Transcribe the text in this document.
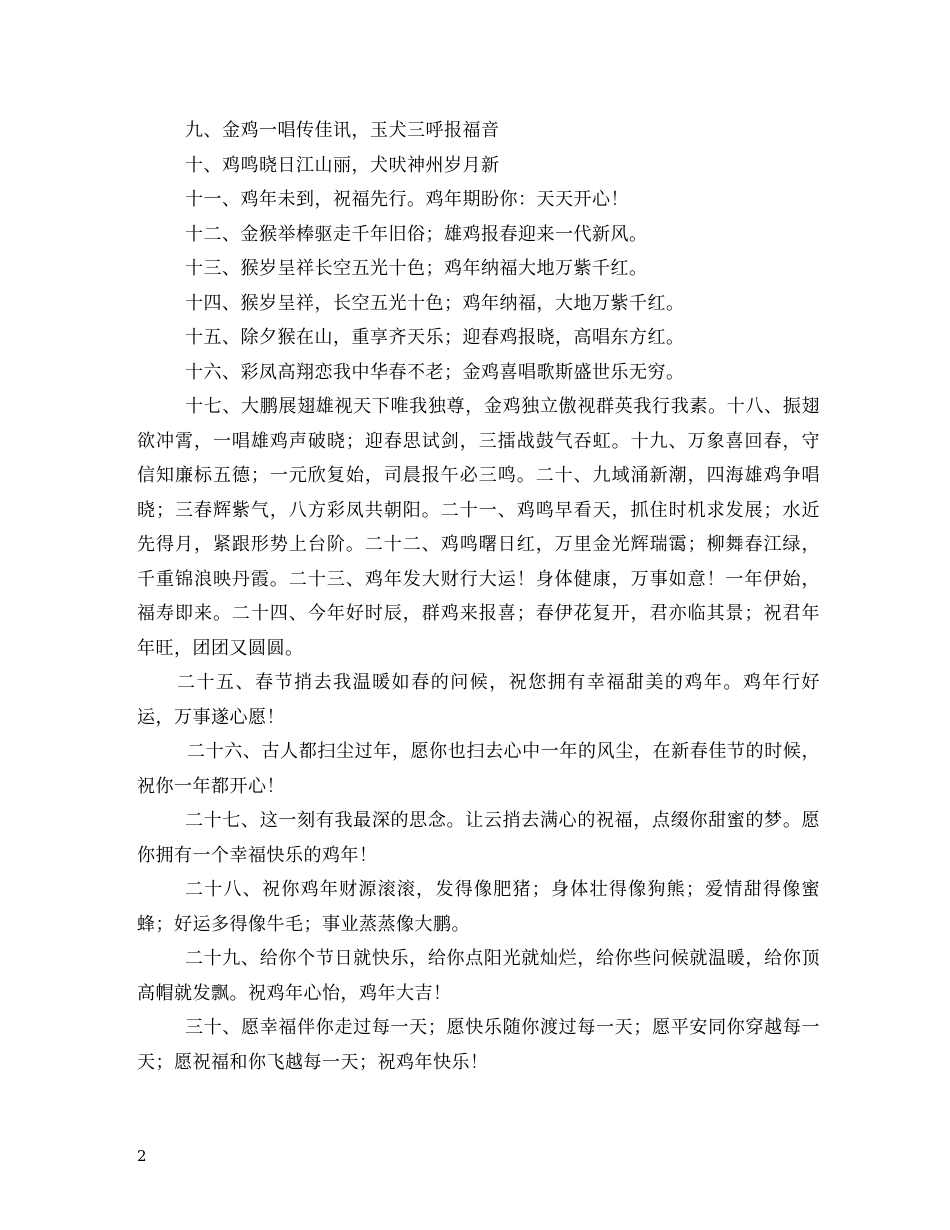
九、金鸡一唱传佳讯，玉犬三呼报福音

十、鸡鸣晓日江山丽，犬吠神州岁月新

十一、鸡年未到，祝福先行。鸡年期盼你：天天开心！

十二、金猴举棒驱走千年旧俗；雄鸡报春迎来一代新风。

十三、猴岁呈祥长空五光十色；鸡年纳福大地万紫千红。

十四、猴岁呈祥，长空五光十色；鸡年纳福，大地万紫千红。

十五、除夕猴在山，重享齐天乐；迎春鸡报晓，高唱东方红。

十六、彩凤高翔恋我中华春不老；金鸡喜唱歌斯盛世乐无穷。

十七、大鹏展翅雄视天下唯我独尊，金鸡独立傲视群英我行我素。十八、振翅欲冲霄，一唱雄鸡声破晓；迎春思试剑，三擂战鼓气吞虹。十九、万象喜回春，守信知廉标五德；一元欣复始，司晨报午必三鸣。二十、九域涌新潮，四海雄鸡争唱晓；三春辉紫气，八方彩凤共朝阳。二十一、鸡鸣早看天，抓住时机求发展；水近先得月，紧跟形势上台阶。二十二、鸡鸣曙日红，万里金光辉瑞霭；柳舞春江绿，千重锦浪映丹霞。二十三、鸡年发大财行大运！身体健康，万事如意！一年伊始，福寿即来。二十四、今年好时辰，群鸡来报喜；春伊花复开，君亦临其景；祝君年年旺，团团又圆圆。

二十五、春节捎去我温暖如春的问候，祝您拥有幸福甜美的鸡年。鸡年行好运，万事遂心愿！

二十六、古人都扫尘过年，愿你也扫去心中一年的风尘，在新春佳节的时候，祝你一年都开心！

二十七、这一刻有我最深的思念。让云捎去满心的祝福，点缀你甜蜜的梦。愿你拥有一个幸福快乐的鸡年！

二十八、祝你鸡年财源滚滚，发得像肥猪；身体壮得像狗熊；爱情甜得像蜜蜂；好运多得像牛毛；事业蒸蒸像大鹏。

二十九、给你个节日就快乐，给你点阳光就灿烂，给你些问候就温暖，给你顶高帽就发飘。祝鸡年心怡，鸡年大吉！

三十、愿幸福伴你走过每一天；愿快乐随你渡过每一天；愿平安同你穿越每一天；愿祝福和你飞越每一天；祝鸡年快乐！

2
